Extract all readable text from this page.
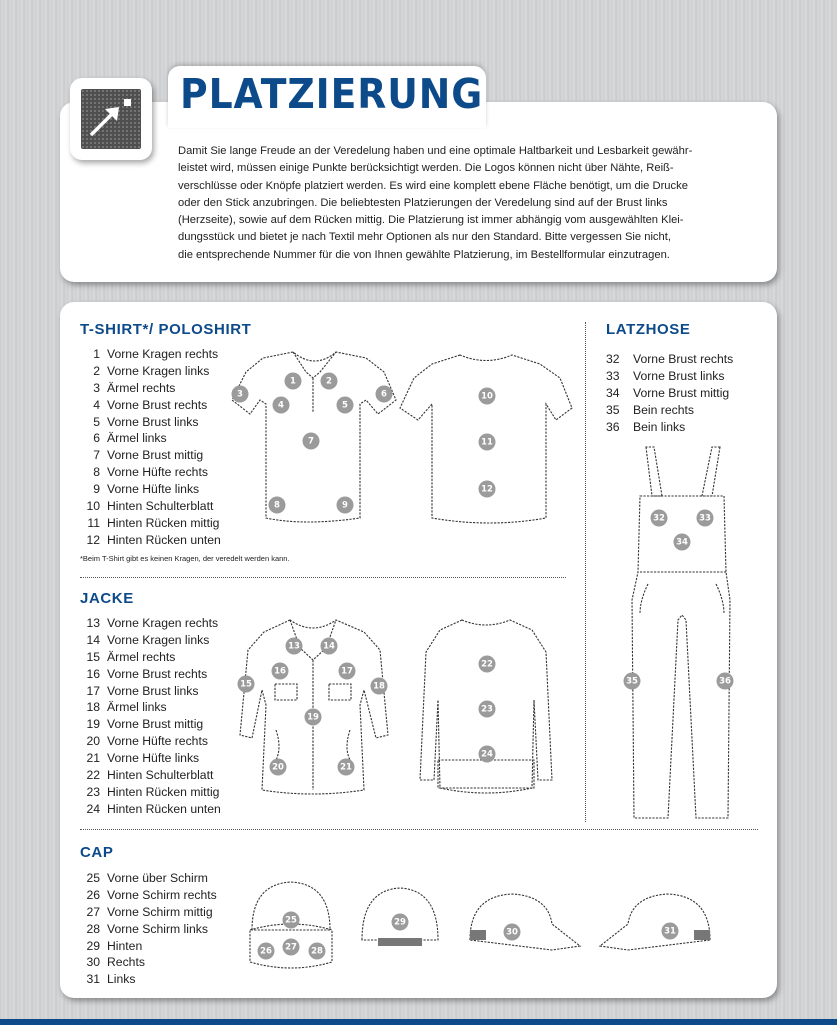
PLATZIERUNG
Damit Sie lange Freude an der Veredelung haben und eine optimale Haltbarkeit und Lesbarkeit gewähr-
leistet wird, müssen einige Punkte berücksichtigt werden. Die Logos können nicht über Nähte, Reiß-
verschlüsse oder Knöpfe platziert werden. Es wird eine komplett ebene Fläche benötigt, um die Drucke
oder den Stick anzubringen. Die beliebtesten Platzierungen der Veredelung sind auf der Brust links
(Herzseite), sowie auf dem Rücken mittig. Die Platzierung ist immer abhängig vom ausgewählten Klei-
dungsstück und bietet je nach Textil mehr Optionen als nur den Standard. Bitte vergessen Sie nicht,
die entsprechende Nummer für die von Ihnen gewählte Platzierung, im Bestellformular einzutragen.
T-SHIRT*/ POLOSHIRT
1 Vorne Kragen rechts
2 Vorne Kragen links
3 Ärmel rechts
4 Vorne Brust rechts
5 Vorne Brust links
6 Ärmel links
7 Vorne Brust mittig
8 Vorne Hüfte rechts
9 Vorne Hüfte links
10 Hinten Schulterblatt
11 Hinten Rücken mittig
12 Hinten Rücken unten
*Beim T-Shirt gibt es keinen Kragen, der veredelt werden kann.
JACKE
13 Vorne Kragen rechts
14 Vorne Kragen links
15 Ärmel rechts
16 Vorne Brust rechts
17 Vorne Brust links
18 Ärmel links
19 Vorne Brust mittig
20 Vorne Hüfte rechts
21 Vorne Hüfte links
22 Hinten Schulterblatt
23 Hinten Rücken mittig
24 Hinten Rücken unten
LATZHOSE
32 Vorne Brust rechts
33 Vorne Brust links
34 Vorne Brust mittig
35 Bein rechts
36 Bein links
CAP
25 Vorne über Schirm
26 Vorne Schirm rechts
27 Vorne Schirm mittig
28 Vorne Schirm links
29 Hinten
30 Rechts
31 Links
1	2
3
4	5
6
7
8	9
10
11
12
13	14
15
16	17
18
19
20	21
22
23
24
32	33
34
35	36
25
26 27 28
29
30	31
